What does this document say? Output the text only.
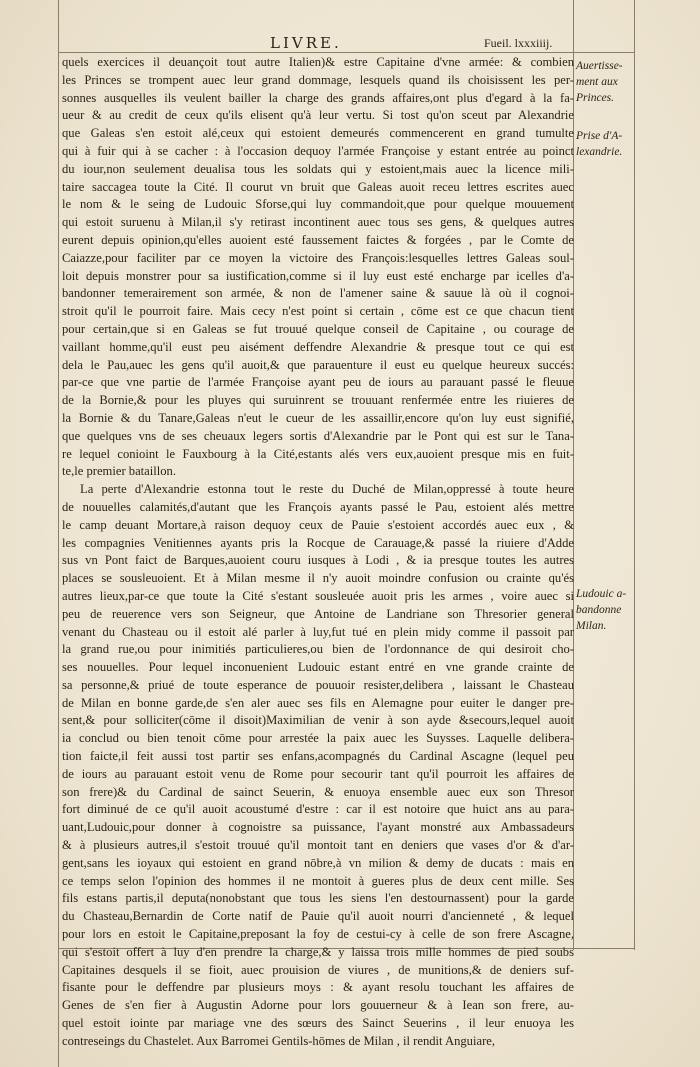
LIVRE.	Fueil. lxxxiiij.
quels exercices il deuançoit tout autre Italien)& estre Capitaine d'vne armée: & combien
les Princes se trompent auec leur grand dommage, lesquels quand ils choisissent les per-
sonnes ausquelles ils veulent bailler la charge des grands affaires,ont plus d'egard à la fa-
ueur & au credit de ceux qu'ils elisent qu'à leur vertu. Si tost qu'on sceut par Alexandrie
que Galeas s'en estoit alé,ceux qui estoient demeurés commencerent en grand tumulte
qui à fuir qui à se cacher : à l'occasion dequoy l'armée Françoise y estant entrée au poinct
du iour,non seulement deualisa tous les soldats qui y estoient,mais auec la licence mili-
taire saccagea toute la Cité. Il courut vn bruit que Galeas auoit receu lettres escrites auec
le nom & le seing de Ludouic Sforse,qui luy commandoit,que pour quelque mouuement
qui estoit suruenu à Milan,il s'y retirast incontinent auec tous ses gens, & quelques autres
eurent depuis opinion,qu'elles auoient esté faussement faictes & forgées , par le Comte de
Caiazze,pour faciliter par ce moyen la victoire des François:lesquelles lettres Galeas soul-
loit depuis monstrer pour sa iustification,comme si il luy eust esté encharge par icelles d'a-
bandonner temerairement son armée, & non de l'amener saine & sauue là où il cognoi-
stroit qu'il le pourroit faire. Mais cecy n'est point si certain , cōme est ce que chacun tient
pour certain,que si en Galeas se fut trouué quelque conseil de Capitaine , ou courage de
vaillant homme,qu'il eust peu aisément deffendre Alexandrie & presque tout ce qui est
dela le Pau,auec les gens qu'il auoit,& que parauenture il eust eu quelque heureux succés:
par-ce que vne partie de l'armée Françoise ayant peu de iours au parauant passé le fleuue
de la Bornie,& pour les pluyes qui suruinrent se trouuant renfermée entre les riuieres de
la Bornie & du Tanare,Galeas n'eut le cueur de les assaillir,encore qu'on luy eust signifié,
que quelques vns de ses cheuaux legers sortis d'Alexandrie par le Pont qui est sur le Tana-
re lequel conioint le Fauxbourg à la Cité,estants alés vers eux,auoient presque mis en fuit-
te,le premier bataillon.
La perte d'Alexandrie estonna tout le reste du Duché de Milan,oppressé à toute heure
de nouuelles calamités,d'autant que les François ayants passé le Pau, estoient alés mettre
le camp deuant Mortare,à raison dequoy ceux de Pauie s'estoient accordés auec eux , &
les compagnies Venitiennes ayants pris la Rocque de Carauage,& passé la riuiere d'Adde
sus vn Pont faict de Barques,auoient couru iusques à Lodi , & ia presque toutes les autres
places se sousleuoient. Et à Milan mesme il n'y auoit moindre confusion ou crainte qu'és
autres lieux,par-ce que toute la Cité s'estant sousleuée auoit pris les armes , voire auec si
peu de reuerence vers son Seigneur, que Antoine de Landriane son Thresorier general
venant du Chasteau ou il estoit alé parler à luy,fut tué en plein midy comme il passoit par
la grand rue,ou pour inimitiés particulieres,ou bien de l'ordonnance de qui desiroit cho-
ses nouuelles. Pour lequel inconuenient Ludouic estant entré en vne grande crainte de
sa personne,& priué de toute esperance de pouuoir resister,delibera , laissant le Chasteau
de Milan en bonne garde,de s'en aler auec ses fils en Alemagne pour euiter le danger pre-
sent,& pour solliciter(cōme il disoit)Maximilian de venir à son ayde &secours,lequel auoit
ia conclud ou bien tenoit cōme pour arrestée la paix auec les Suysses. Laquelle delibera-
tion faicte,il feit aussi tost partir ses enfans,acompagnés du Cardinal Ascagne (lequel peu
de iours au parauant estoit venu de Rome pour secourir tant qu'il pourroit les affaires de
son frere)& du Cardinal de sainct Seuerin, & enuoya ensemble auec eux son Thresor
fort diminué de ce qu'il auoit acoustumé d'estre : car il est notoire que huict ans au para-
uant,Ludouic,pour donner à cognoistre sa puissance, l'ayant monstré aux Ambassadeurs
& à plusieurs autres,il s'estoit trouué qu'il montoit tant en deniers que vases d'or & d'ar-
gent,sans les ioyaux qui estoient en grand nōbre,à vn milion & demy de ducats : mais en
ce temps selon l'opinion des hommes il ne montoit à gueres plus de deux cent mille. Ses
fils estans partis,il deputa(nonobstant que tous les siens l'en destournassent) pour la garde
du Chasteau,Bernardin de Corte natif de Pauie qu'il auoit nourri d'ancienneté , & lequel
pour lors en estoit le Capitaine,preposant la foy de cestui-cy à celle de son frere Ascagne,
qui s'estoit offert à luy d'en prendre la charge,& y laissa trois mille hommes de pied soubs
Capitaines desquels il se fioit, auec prouision de viures , de munitions,& de deniers suf-
fisante pour le deffendre par plusieurs moys : & ayant resolu touchant les affaires de
Genes de s'en fier à Augustin Adorne pour lors gouuerneur & à Iean son frere, au-
quel estoit iointe par mariage vne des sœurs des Sainct Seuerins , il leur enuoya les
contreseings du Chastelet. Aux Barromei Gentils-hōmes de Milan , il rendit Anguiare,
Auertisse-
ment aux
Princes.
Prise d'A-
lexandrie.
Ludouic a-
bandonne
Milan.
